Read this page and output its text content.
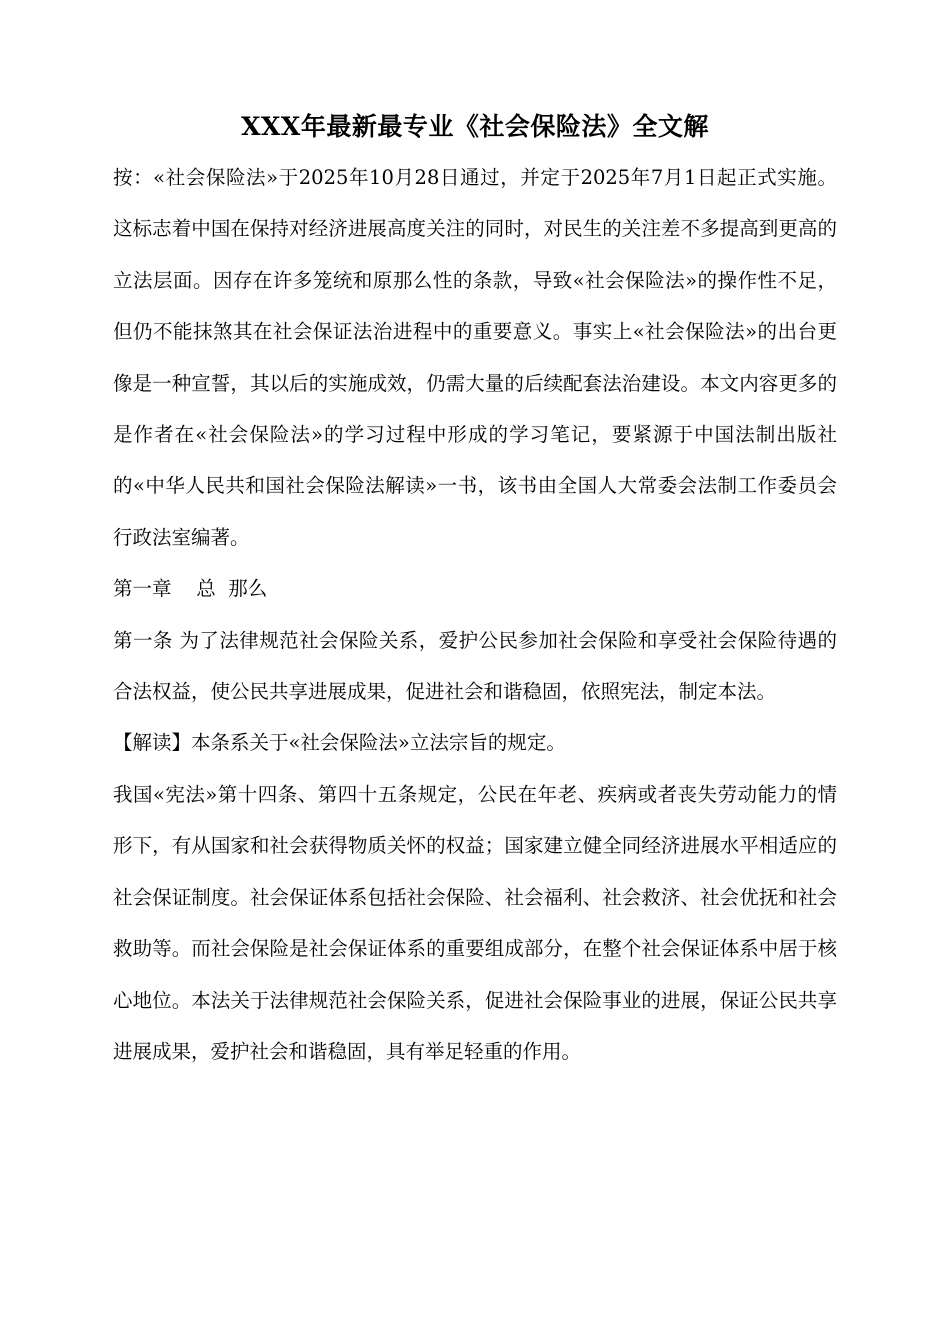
XXX年最新最专业《社会保险法》全文解

按：«社会保险法»于2025年10月28日通过，并定于2025年7月1日起正式实施。这标志着中国在保持对经济进展高度关注的同时，对民生的关注差不多提高到更高的立法层面。因存在许多笼统和原那么性的条款，导致«社会保险法»的操作性不足，但仍不能抹煞其在社会保证法治进程中的重要意义。事实上«社会保险法»的出台更像是一种宣誓，其以后的实施成效，仍需大量的后续配套法治建设。本文内容更多的是作者在«社会保险法»的学习过程中形成的学习笔记，要紧源于中国法制出版社的«中华人民共和国社会保险法解读»一书，该书由全国人大常委会法制工作委员会行政法室编著。

第一章    总  那么

第一条 为了法律规范社会保险关系，爱护公民参加社会保险和享受社会保险待遇的合法权益，使公民共享进展成果，促进社会和谐稳固，依照宪法，制定本法。

【解读】本条系关于«社会保险法»立法宗旨的规定。

我国«宪法»第十四条、第四十五条规定，公民在年老、疾病或者丧失劳动能力的情形下，有从国家和社会获得物质关怀的权益；国家建立健全同经济进展水平相适应的社会保证制度。社会保证体系包括社会保险、社会福利、社会救济、社会优抚和社会救助等。而社会保险是社会保证体系的重要组成部分，在整个社会保证体系中居于核心地位。本法关于法律规范社会保险关系，促进社会保险事业的进展，保证公民共享进展成果，爱护社会和谐稳固，具有举足轻重的作用。
